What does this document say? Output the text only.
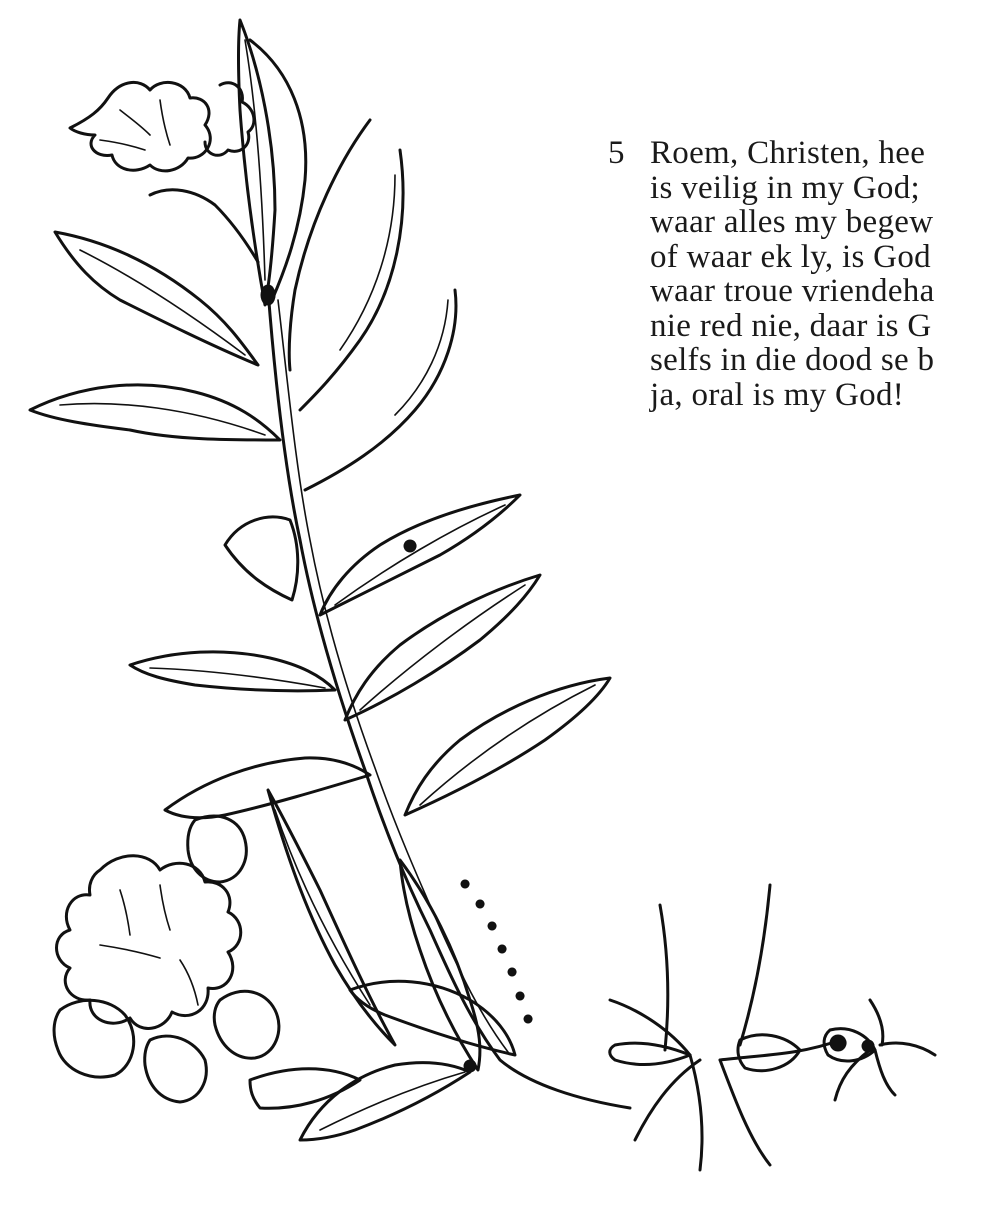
5 Roem, Christen, hee
is veilig in my God;
waar alles my begew
of waar ek ly, is God
waar troue vriendeha
nie red nie, daar is G
selfs in die dood se b
ja, oral is my God!
